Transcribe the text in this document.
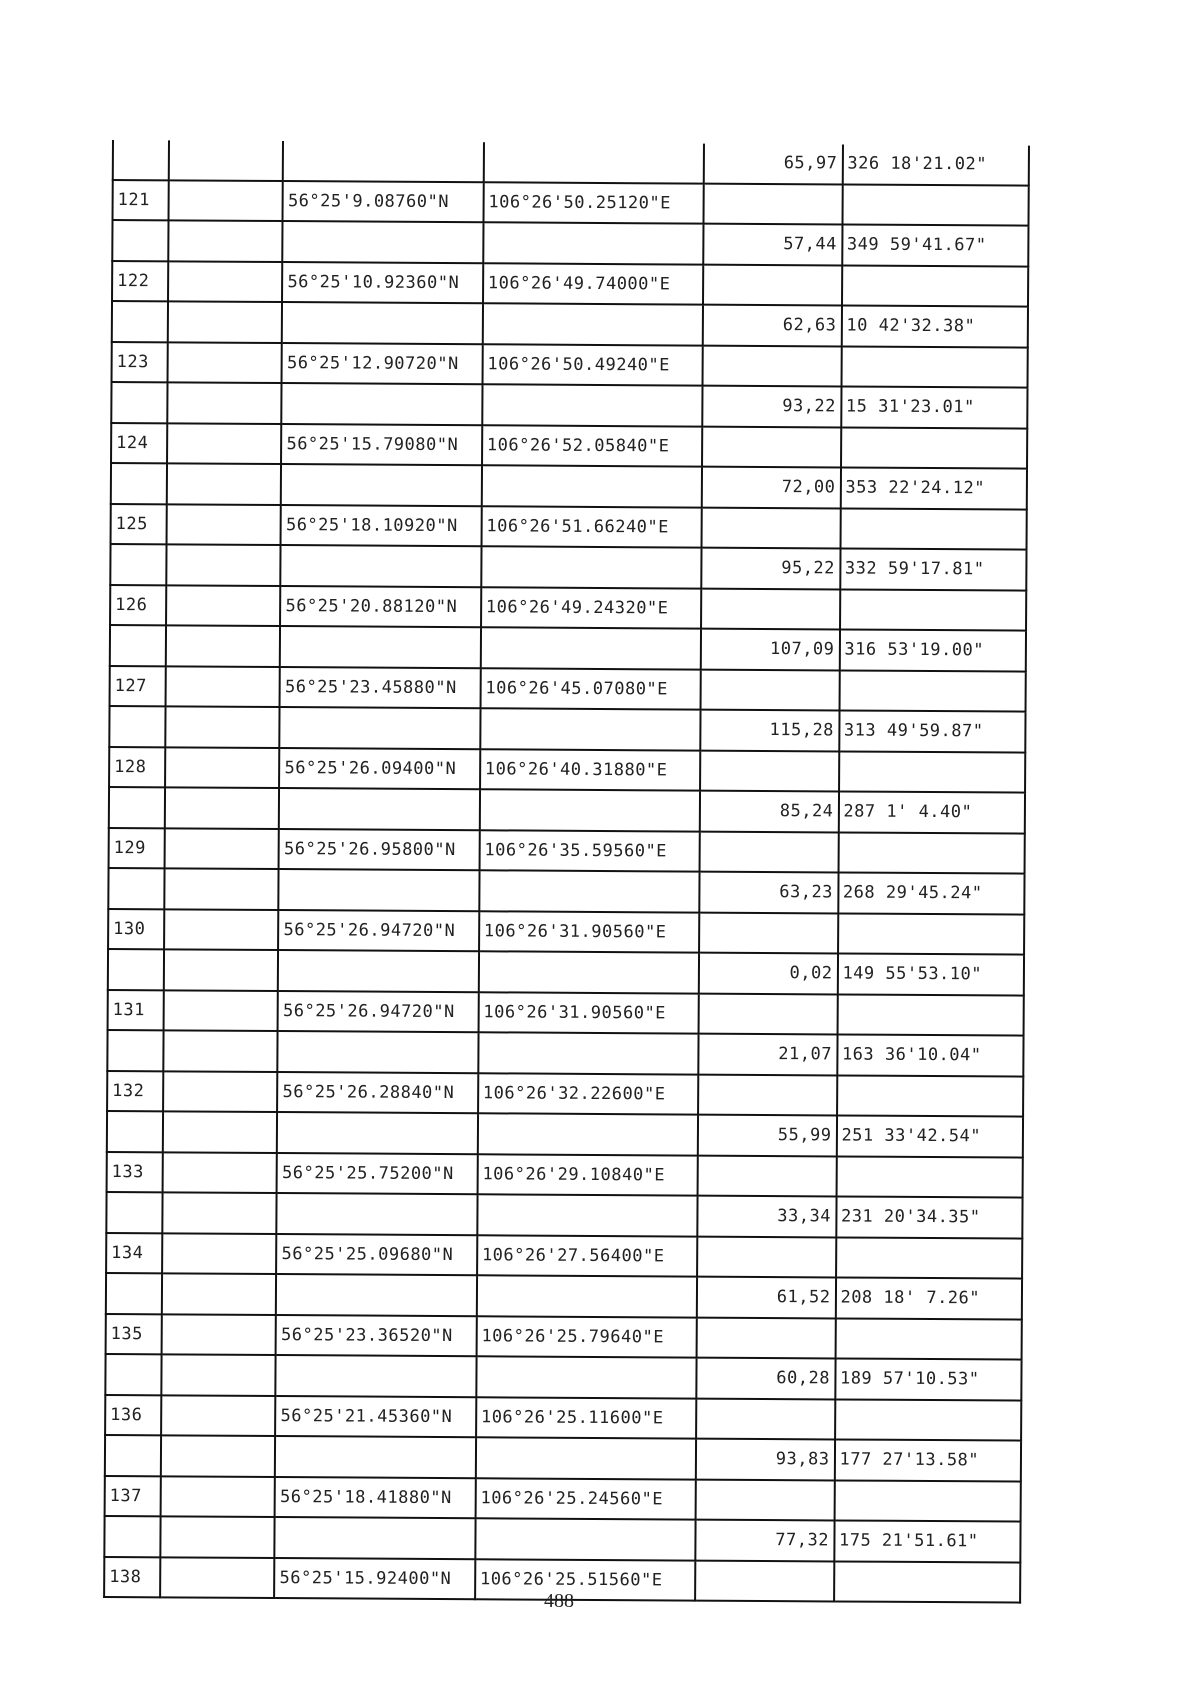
				65,97	326 18'21.02"
121		56°25'9.08760"N	106°26'50.25120"E		
				57,44	349 59'41.67"
122		56°25'10.92360"N	106°26'49.74000"E		
				62,63	10 42'32.38"
123		56°25'12.90720"N	106°26'50.49240"E		
				93,22	15 31'23.01"
124		56°25'15.79080"N	106°26'52.05840"E		
				72,00	353 22'24.12"
125		56°25'18.10920"N	106°26'51.66240"E		
				95,22	332 59'17.81"
126		56°25'20.88120"N	106°26'49.24320"E		
				107,09	316 53'19.00"
127		56°25'23.45880"N	106°26'45.07080"E		
				115,28	313 49'59.87"
128		56°25'26.09400"N	106°26'40.31880"E		
				85,24	287 1' 4.40"
129		56°25'26.95800"N	106°26'35.59560"E		
				63,23	268 29'45.24"
130		56°25'26.94720"N	106°26'31.90560"E		
				0,02	149 55'53.10"
131		56°25'26.94720"N	106°26'31.90560"E		
				21,07	163 36'10.04"
132		56°25'26.28840"N	106°26'32.22600"E		
				55,99	251 33'42.54"
133		56°25'25.75200"N	106°26'29.10840"E		
				33,34	231 20'34.35"
134		56°25'25.09680"N	106°26'27.56400"E		
				61,52	208 18' 7.26"
135		56°25'23.36520"N	106°26'25.79640"E		
				60,28	189 57'10.53"
136		56°25'21.45360"N	106°26'25.11600"E		
				93,83	177 27'13.58"
137		56°25'18.41880"N	106°26'25.24560"E		
				77,32	175 21'51.61"
138		56°25'15.92400"N	106°26'25.51560"E		
488
